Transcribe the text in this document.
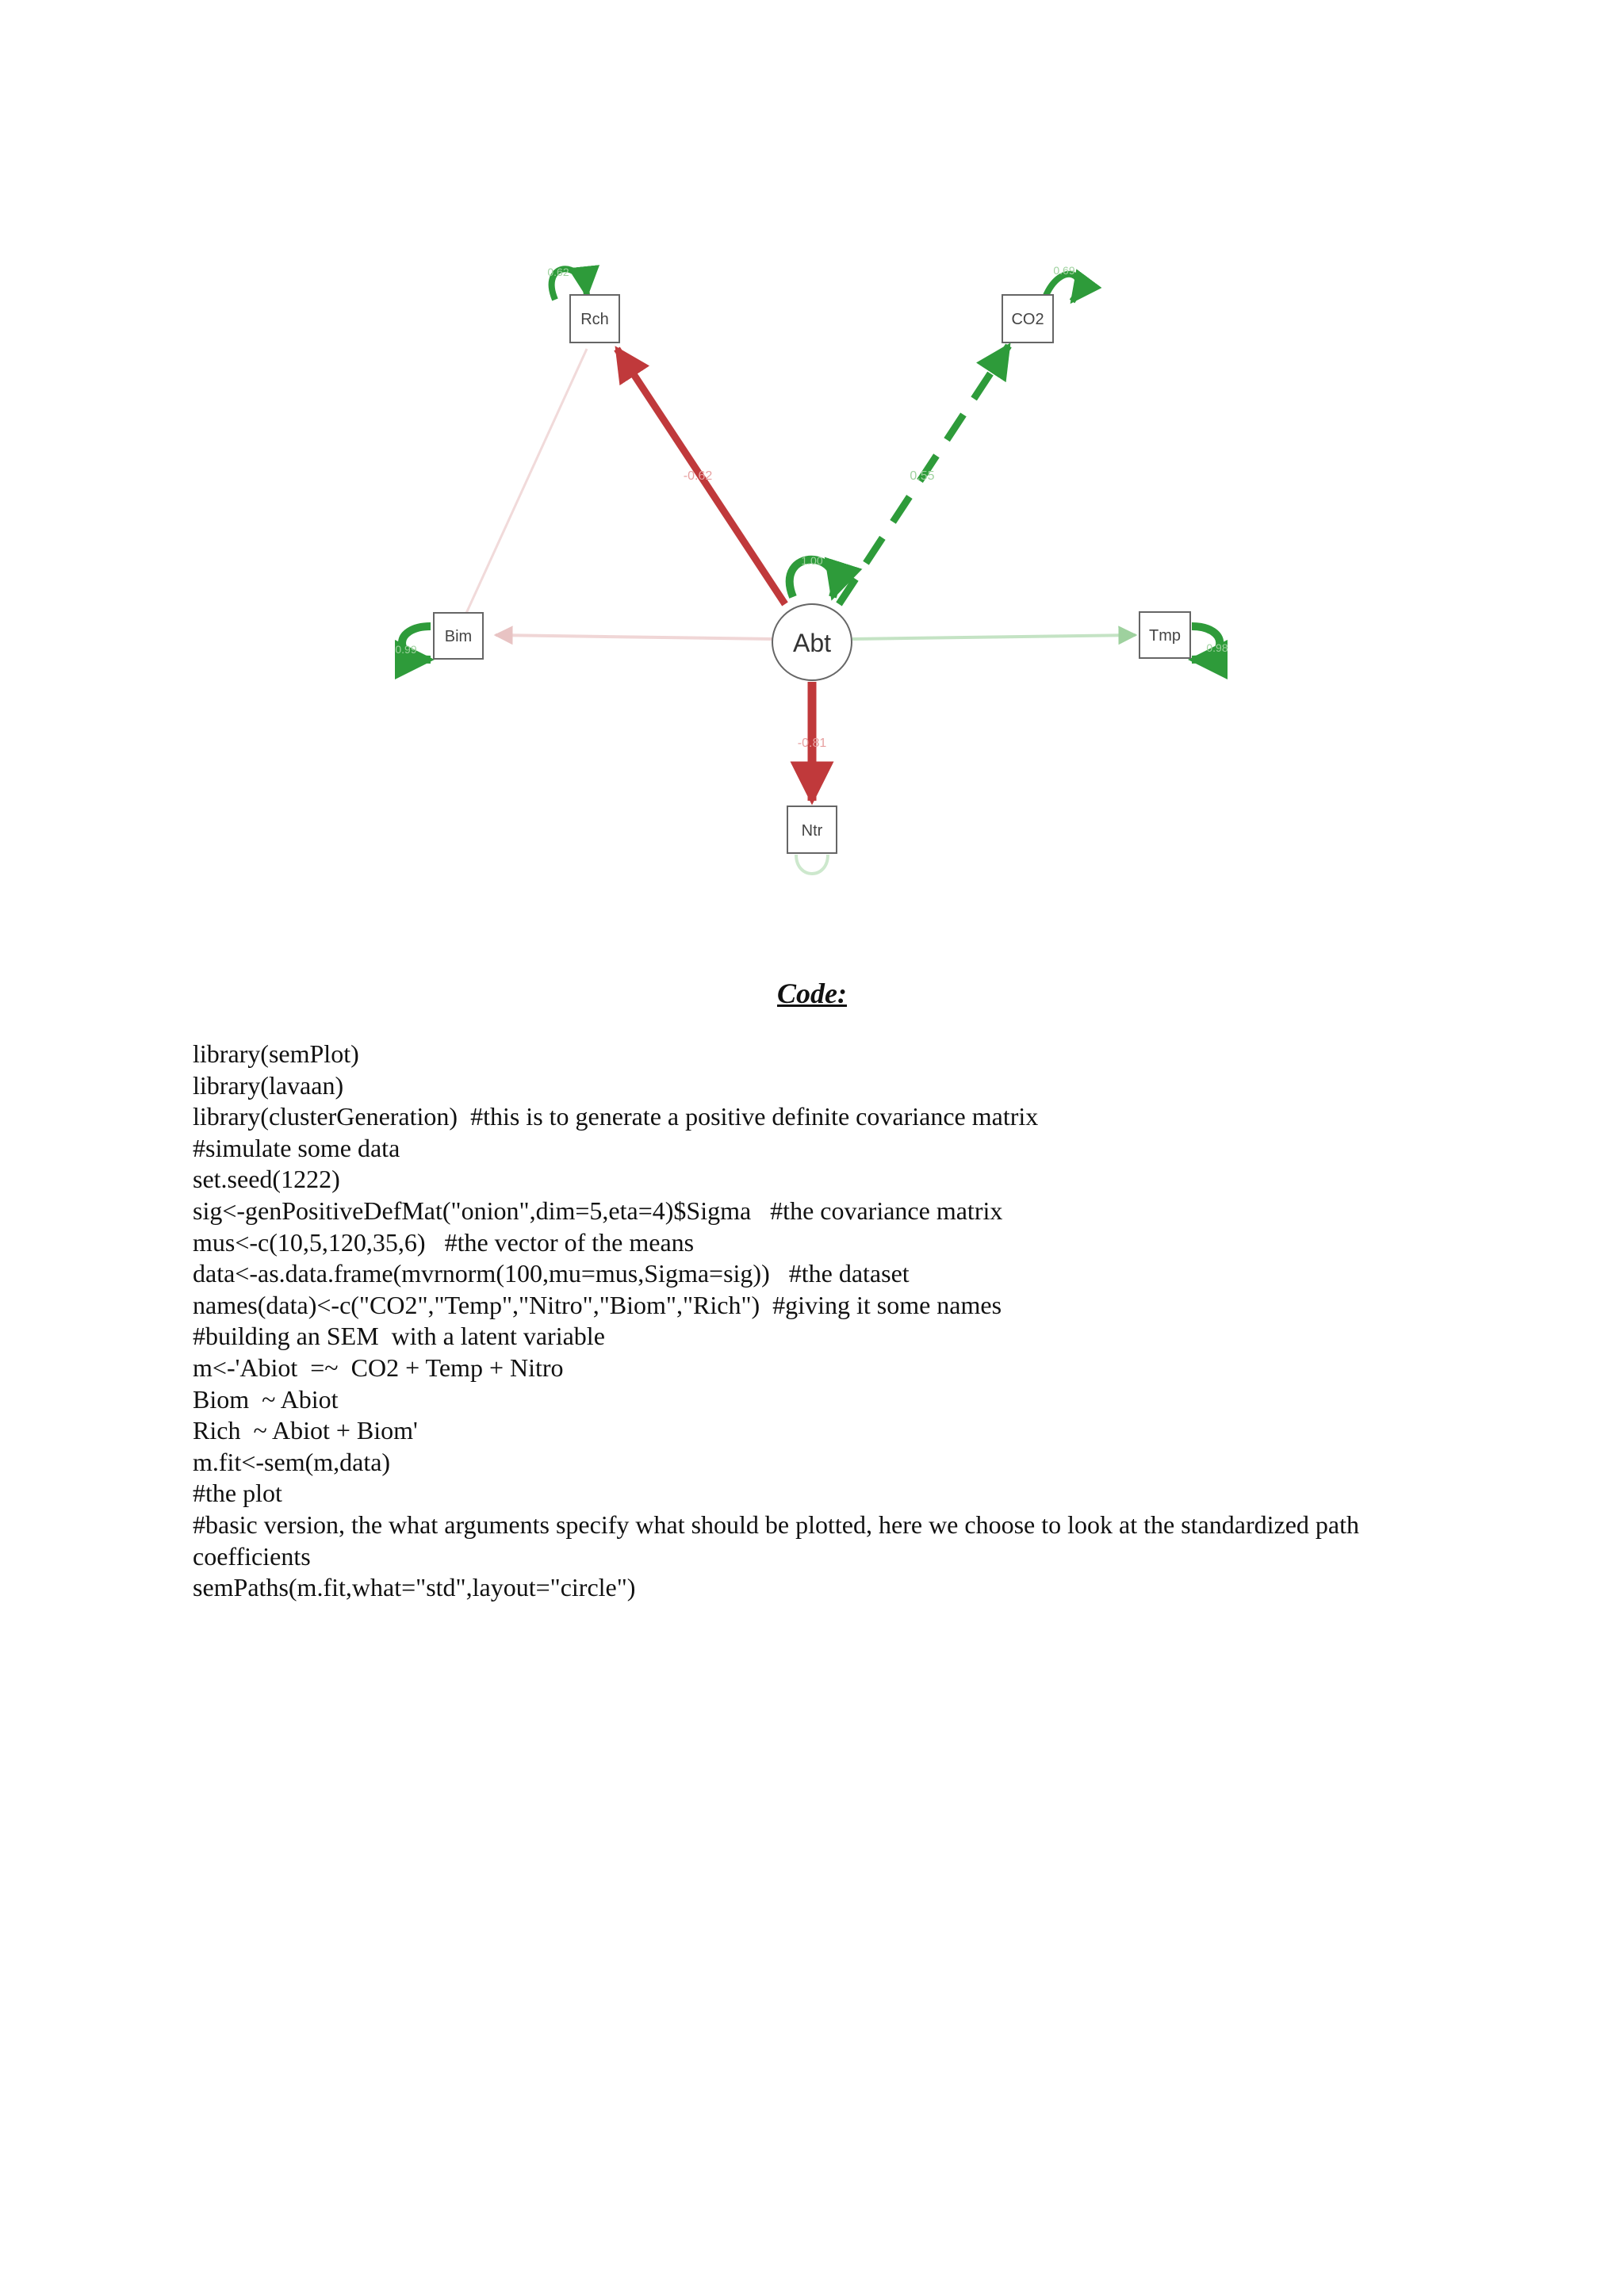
-0.62	0.55
-0.81
0.62	0.69
1.00
0.99	0.98
Rch	CO2
Bim	Tmp
Ntr
Abt
Code:
library(semPlot)
library(lavaan)
library(clusterGeneration)  #this is to generate a positive definite covariance matrix
#simulate some data
set.seed(1222)
sig<-genPositiveDefMat("onion",dim=5,eta=4)$Sigma   #the covariance matrix
mus<-c(10,5,120,35,6)   #the vector of the means
data<-as.data.frame(mvrnorm(100,mu=mus,Sigma=sig))   #the dataset
names(data)<-c("CO2","Temp","Nitro","Biom","Rich")  #giving it some names
#building an SEM  with a latent variable
m<-'Abiot  =~  CO2 + Temp + Nitro
Biom  ~ Abiot
Rich  ~ Abiot + Biom'
m.fit<-sem(m,data)
#the plot
#basic version, the what arguments specify what should be plotted, here we choose to look at the standardized path coefficients
semPaths(m.fit,what="std",layout="circle")
